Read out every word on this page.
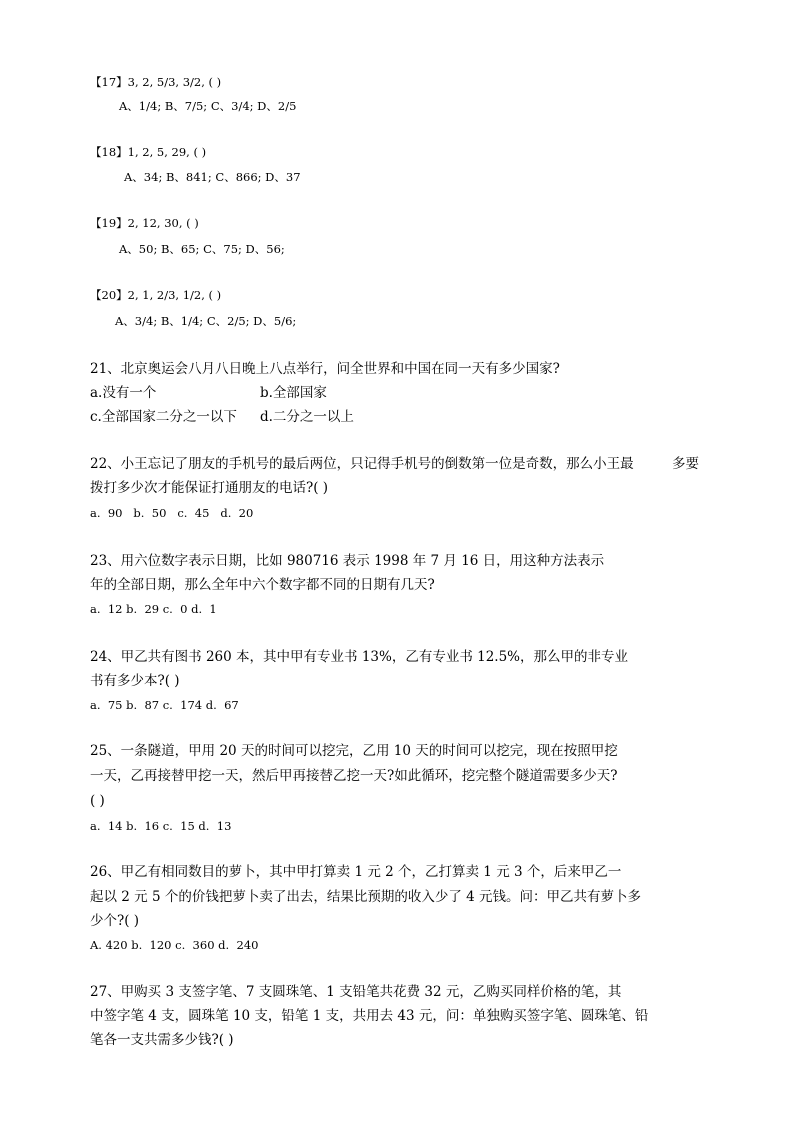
【17】3, 2, 5/3, 3/2, ( )
A、1/4; B、7/5; C、3/4; D、2/5
【18】1, 2, 5, 29, ( )
A、34; B、841; C、866; D、37
【19】2, 12, 30, ( )
A、50; B、65; C、75; D、56;
【20】2, 1, 2/3, 1/2, ( )
A、3/4; B、1/4; C、2/5; D、5/6;
21、北京奥运会八月八日晚上八点举行，问全世界和中国在同一天有多少国家?
a.没有一个	b.全部国家
c.全部国家二分之一以下 d.二分之一以上
22、小王忘记了朋友的手机号的最后两位，只记得手机号的倒数第一位是奇数，那么小王最	多要
拨打多少次才能保证打通朋友的电话?( )
a.  90   b.  50   c.  45   d.  20
23、用六位数字表示日期，比如 980716 表示 1998 年 7 月 16 日，用这种方法表示
年的全部日期，那么全年中六个数字都不同的日期有几天?
a.  12 b.  29 c.  0 d.  1
24、甲乙共有图书 260 本，其中甲有专业书 13%，乙有专业书 12.5%，那么甲的非专业
书有多少本?( )
a.  75 b.  87 c.  174 d.  67
25、一条隧道，甲用 20 天的时间可以挖完，乙用 10 天的时间可以挖完，现在按照甲挖
一天，乙再接替甲挖一天，然后甲再接替乙挖一天?如此循环，挖完整个隧道需要多少天?
( )
a.  14 b.  16 c.  15 d.  13
26、甲乙有相同数目的萝卜，其中甲打算卖 1 元 2 个，乙打算卖 1 元 3 个，后来甲乙一
起以 2 元 5 个的价钱把萝卜卖了出去，结果比预期的收入少了 4 元钱。问：甲乙共有萝卜多
少个?( )
A. 420 b.  120 c.  360 d.  240
27、甲购买 3 支签字笔、7 支圆珠笔、1 支铅笔共花费 32 元，乙购买同样价格的笔，其
中签字笔 4 支，圆珠笔 10 支，铅笔 1 支，共用去 43 元，问：单独购买签字笔、圆珠笔、铅
笔各一支共需多少钱?( )
